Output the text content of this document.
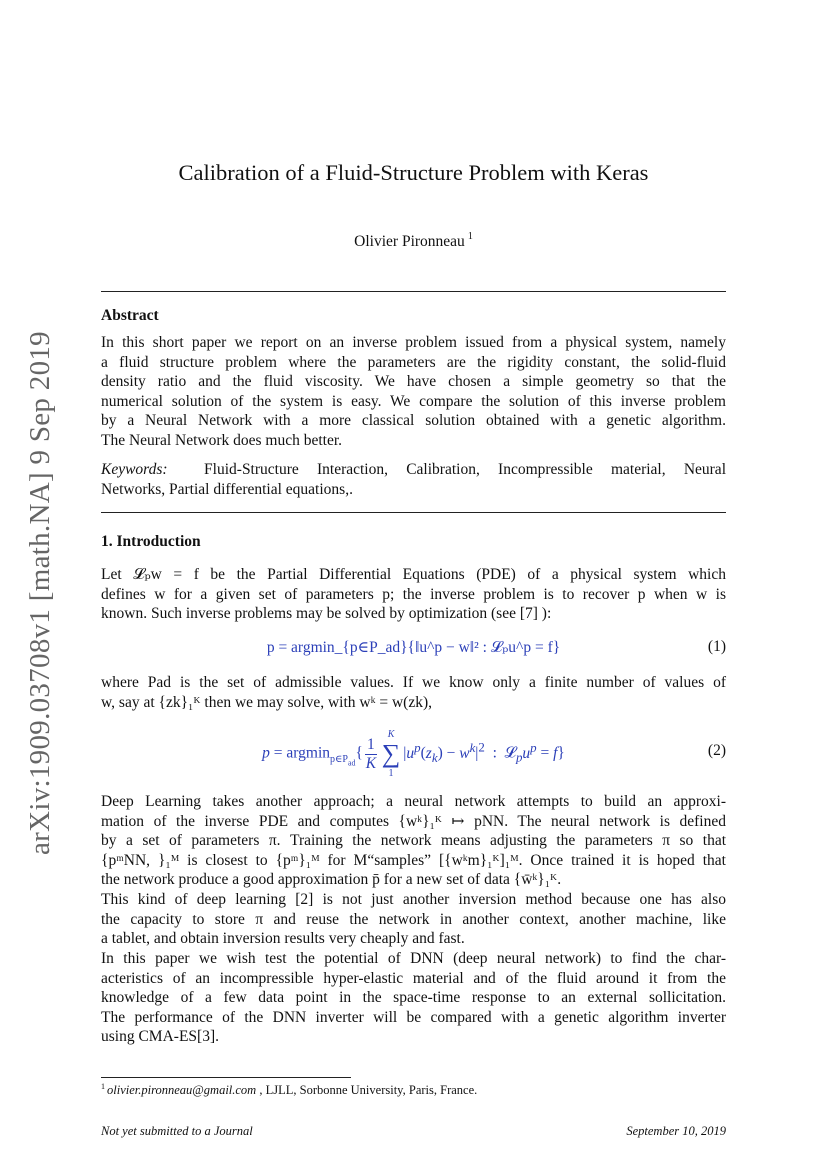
arXiv:1909.03708v1 [math.NA] 9 Sep 2019
Calibration of a Fluid-Structure Problem with Keras
Olivier Pironneau $^1$
Abstract

In this short paper we report on an inverse problem issued from a physical system, namely
a fluid structure problem where the parameters are the rigidity constant, the solid-fluid
density ratio and the fluid viscosity. We have chosen a simple geometry so that the
numerical solution of the system is easy. We compare the solution of this inverse problem
by a Neural Network with a more classical solution obtained with a genetic algorithm.
The Neural Network does much better.

Keywords: Fluid-Structure Interaction, Calibration, Incompressible material, Neural
Networks, Partial differential equations,.

1. Introduction

Let 𝓛ₚw = f be the Partial Differential Equations (PDE) of a physical system which
defines w for a given set of parameters p; the inverse problem is to recover p when w is
known. Such inverse problems may be solved by optimization (see [7] ):

p = argmin_{p∈P_ad}{‖u^p − w‖² : 𝓛ₚu^p = f}	(1)

where Pad is the set of admissible values. If we know only a finite number of values of
w, say at {zk}₁ᴷ then we may solve, with wᵏ = w(zk),

$p = argmin_{p\in P_{ad}}\{ \frac{1}{K}$
K
∑
1
$|u^p(z_k) - w^k|^2$  :  $𝓛_pu^p = f$}	(2)

Deep Learning takes another approach; a neural network attempts to build an approxi-
mation of the inverse PDE and computes {wᵏ}₁ᴷ ↦ pNN. The neural network is defined
by a set of parameters π. Training the network means adjusting the parameters π so that
{pᵐNN, }₁ᴹ is closest to {pᵐ}₁ᴹ for M“samples” [{wᵏm}₁ᴷ]₁ᴹ. Once trained it is hoped that
the network produce a good approximation p̄ for a new set of data {w̄ᵏ}₁ᴷ.

This kind of deep learning [2] is not just another inversion method because one has also
the capacity to store π and reuse the network in another context, another machine, like
a tablet, and obtain inversion results very cheaply and fast.

In this paper we wish test the potential of DNN (deep neural network) to find the char-
acteristics of an incompressible hyper-elastic material and of the fluid around it from the
knowledge of a few data point in the space-time response to an external sollicitation.
The performance of the DNN inverter will be compared with a genetic algorithm inverter
using CMA-ES[3].

$^1$ olivier.pironneau@gmail.com , LJLL, Sorbonne University, Paris, France.
Not yet submitted to a Journal	September 10, 2019
